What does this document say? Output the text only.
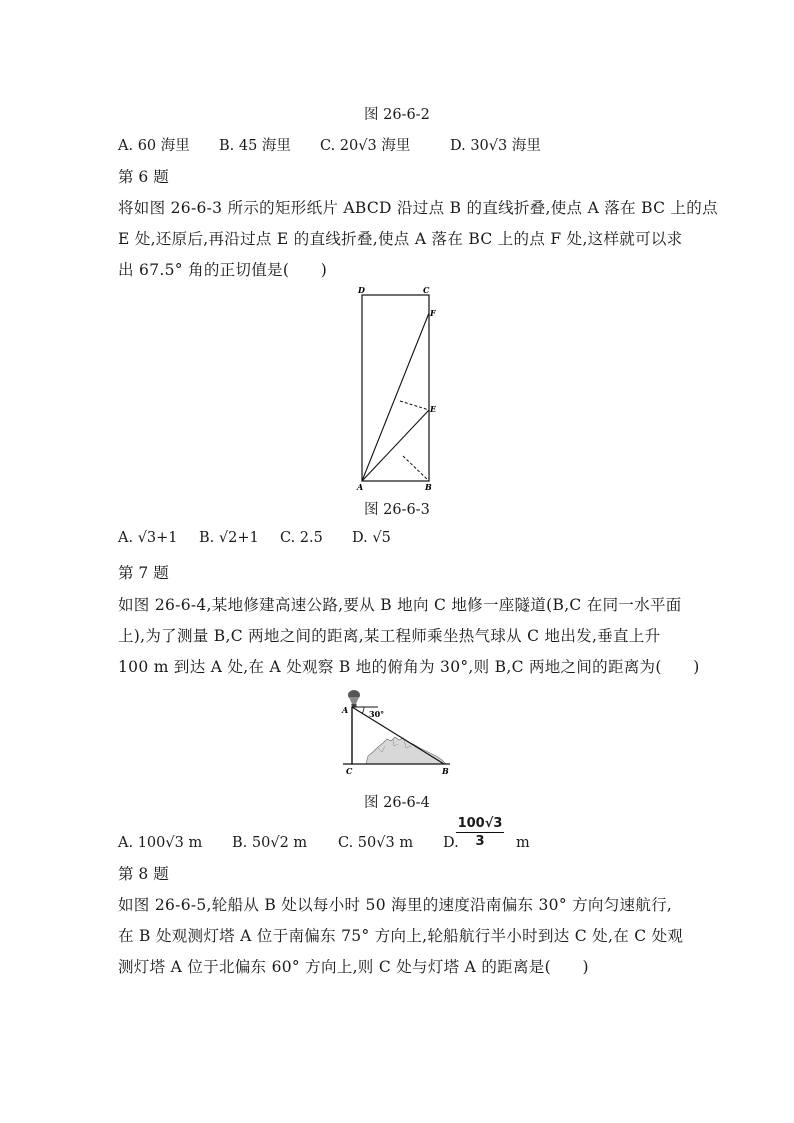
图 26-6-2
A. 60 海里	B. 45 海里	C. 20√3 海里	D. 30√3 海里
第 6 题
将如图 26-6-3 所示的矩形纸片 ABCD 沿过点 B 的直线折叠,使点 A 落在 BC 上的点
E 处,还原后,再沿过点 E 的直线折叠,使点 A 落在 BC 上的点 F 处,这样就可以求
出 67.5° 角的正切值是(　　)
D	C
F
E
A	B
图 26-6-3
A. √3+1	B. √2+1	C. 2.5	D. √5
第 7 题
如图 26-6-4,某地修建高速公路,要从 B 地向 C 地修一座隧道(B,C 在同一水平面
上),为了测量 B,C 两地之间的距离,某工程师乘坐热气球从 C 地出发,垂直上升
100 m 到达 A 处,在 A 处观察 B 地的俯角为 30°,则 B,C 两地之间的距离为(　　)
A	30°
C	B
图 26-6-4
A. 100√3 m	B. 50√2 m	C. 50√3 m	D.
$\frac{100√3}{3}$ m
第 8 题
如图 26-6-5,轮船从 B 处以每小时 50 海里的速度沿南偏东 30° 方向匀速航行,
在 B 处观测灯塔 A 位于南偏东 75° 方向上,轮船航行半小时到达 C 处,在 C 处观
测灯塔 A 位于北偏东 60° 方向上,则 C 处与灯塔 A 的距离是(　　)
